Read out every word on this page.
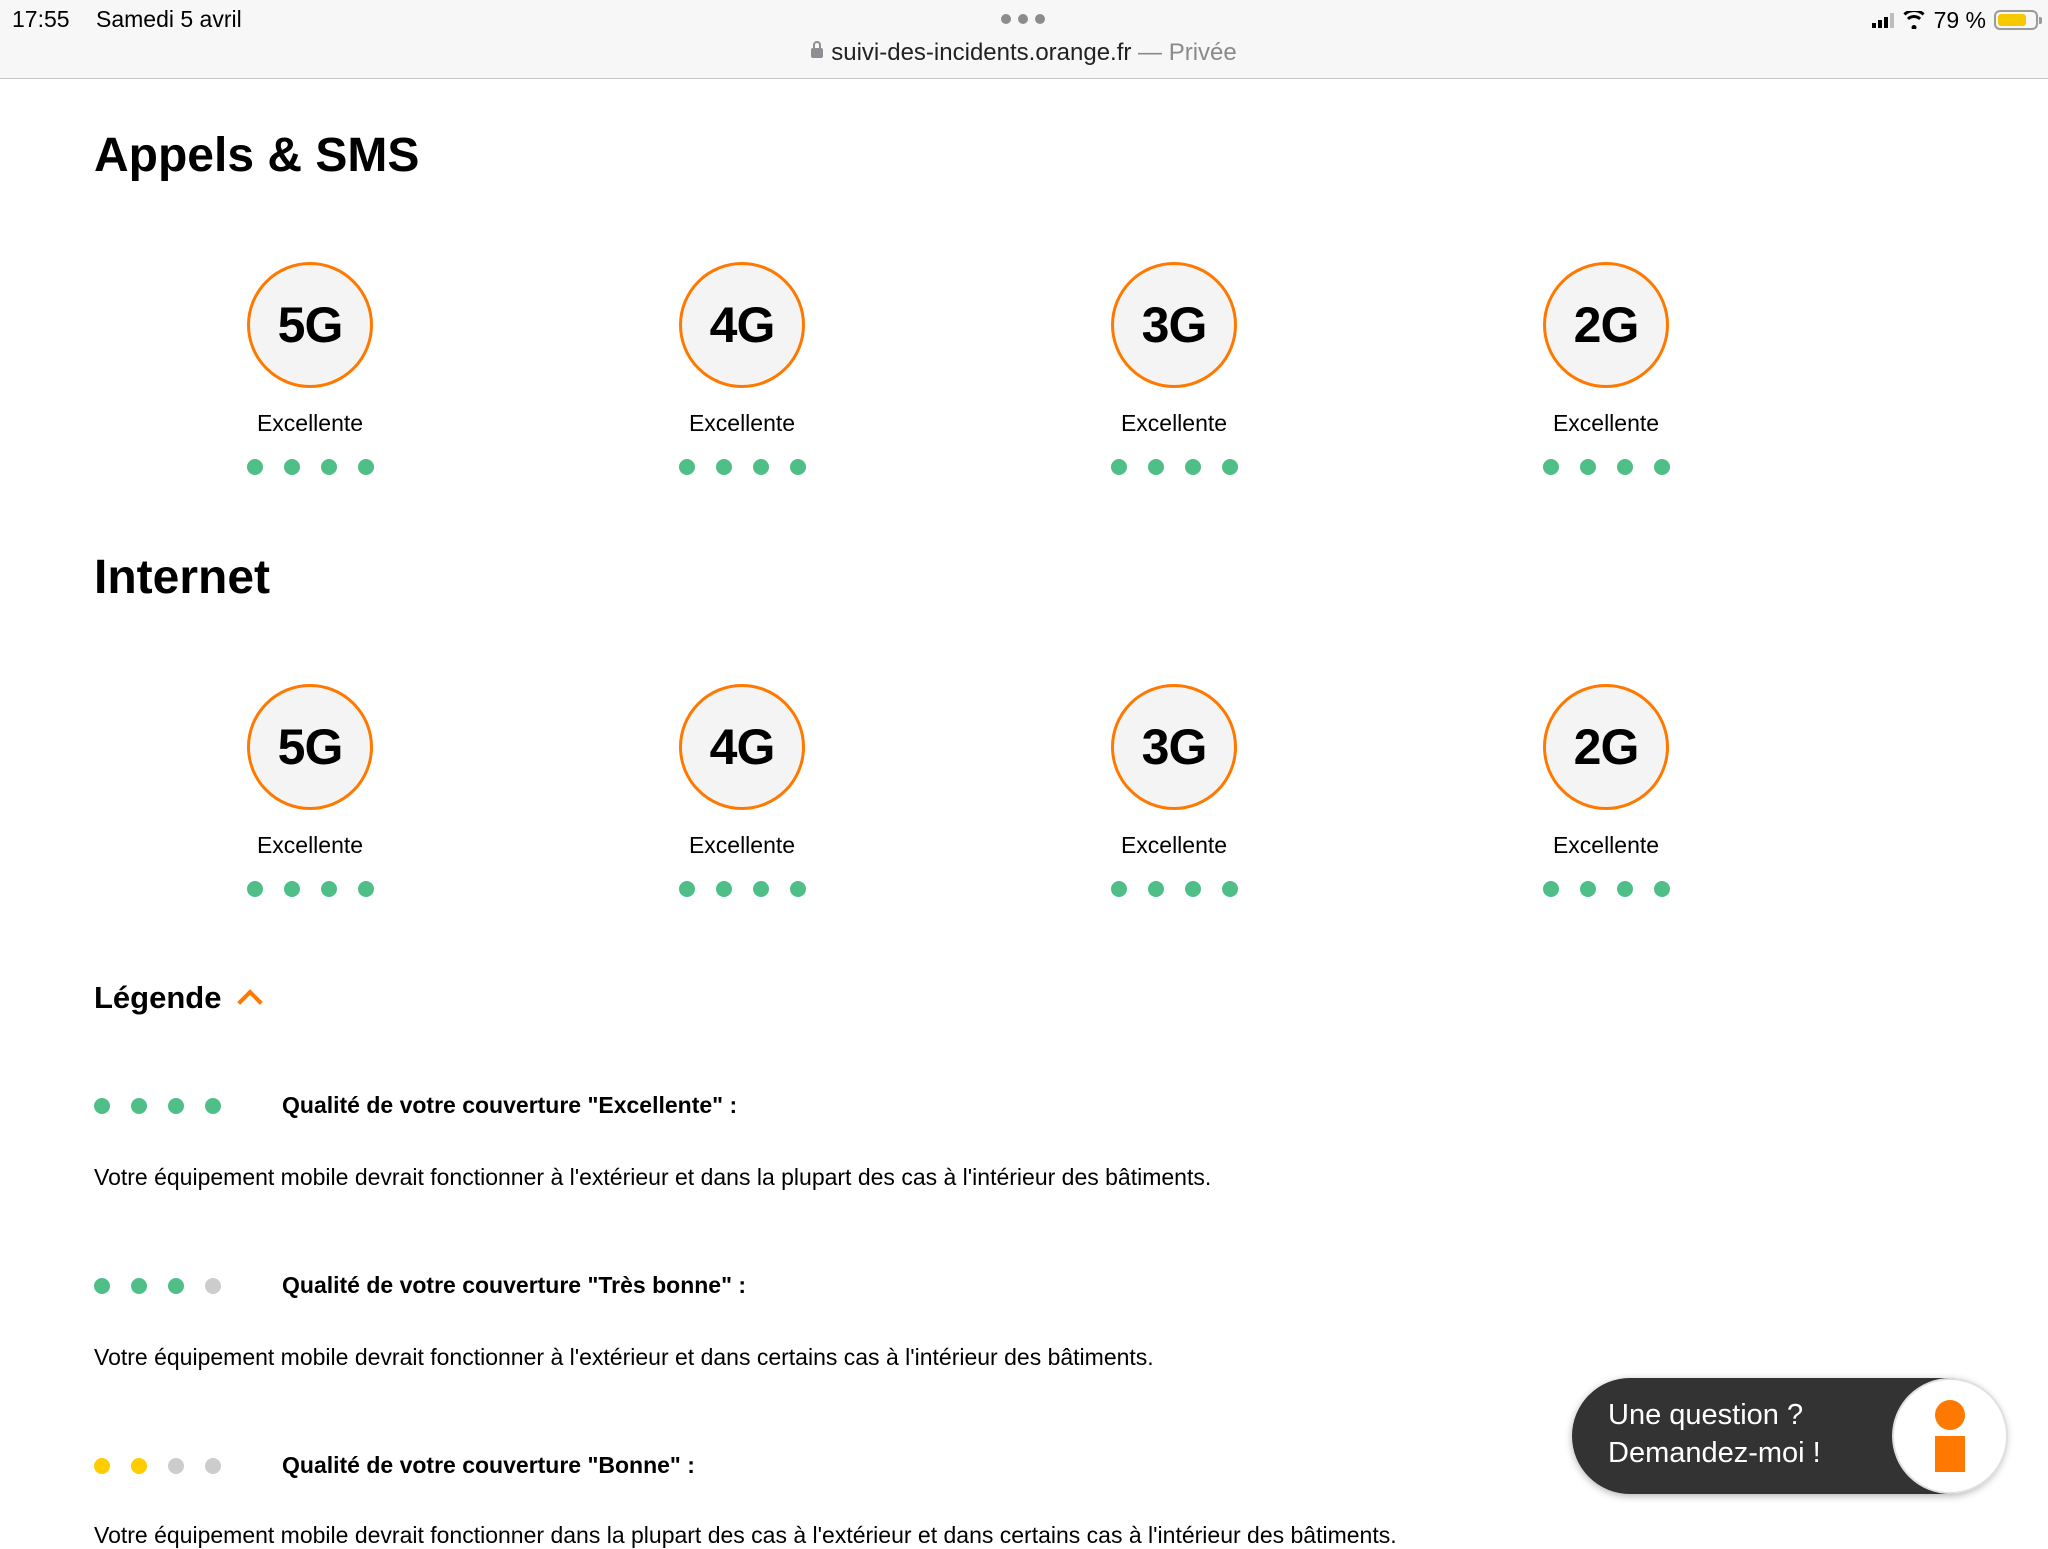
17:55 Samedi 5 avril
suivi-des-incidents.orange.fr — Privée
79 %
Appels & SMS
5G
Excellente
4G
Excellente
3G
Excellente
2G
Excellente
Internet
5G
Excellente
4G
Excellente
3G
Excellente
2G
Excellente
Légende
Qualité de votre couverture "Excellente" :
Votre équipement mobile devrait fonctionner à l'extérieur et dans la plupart des cas à l'intérieur des bâtiments.
Qualité de votre couverture "Très bonne" :
Votre équipement mobile devrait fonctionner à l'extérieur et dans certains cas à l'intérieur des bâtiments.
Qualité de votre couverture "Bonne" :
Votre équipement mobile devrait fonctionner dans la plupart des cas à l'extérieur et dans certains cas à l'intérieur des bâtiments.
Une question ?
Demandez-moi !
